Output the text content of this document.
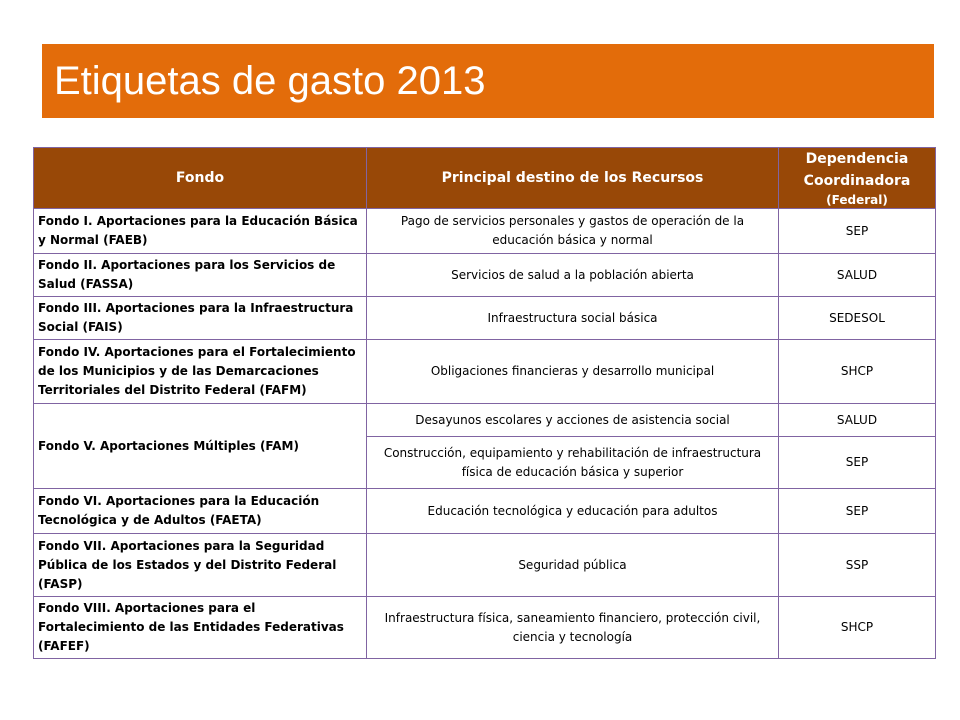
Etiquetas de gasto 2013
Fondo	Principal destino de los Recursos	Dependencia Coordinadora
(Federal)

Fondo I. Aportaciones para la Educación Básica y Normal (FAEB)	Pago de servicios personales y gastos de operación de la educación básica y normal	SEP
Fondo II. Aportaciones para los Servicios de Salud (FASSA)	Servicios de salud a la población abierta	SALUD
Fondo III. Aportaciones para la Infraestructura Social (FAIS)	Infraestructura social básica	SEDESOL
Fondo IV. Aportaciones para el Fortalecimiento de los Municipios y de las Demarcaciones Territoriales del Distrito Federal (FAFM)	Obligaciones financieras y desarrollo municipal	SHCP
Fondo V. Aportaciones Múltiples (FAM)	Desayunos escolares y acciones de asistencia social	SALUD
	Construcción, equipamiento y rehabilitación de infraestructura física de educación básica y superior	SEP
Fondo VI. Aportaciones para la Educación Tecnológica y de Adultos (FAETA)	Educación tecnológica y educación para adultos	SEP
Fondo VII. Aportaciones para la Seguridad Pública de los Estados y del Distrito Federal (FASP)	Seguridad pública	SSP
Fondo VIII. Aportaciones para el Fortalecimiento de las Entidades Federativas (FAFEF)	Infraestructura física, saneamiento financiero, protección civil, ciencia y tecnología	SHCP
